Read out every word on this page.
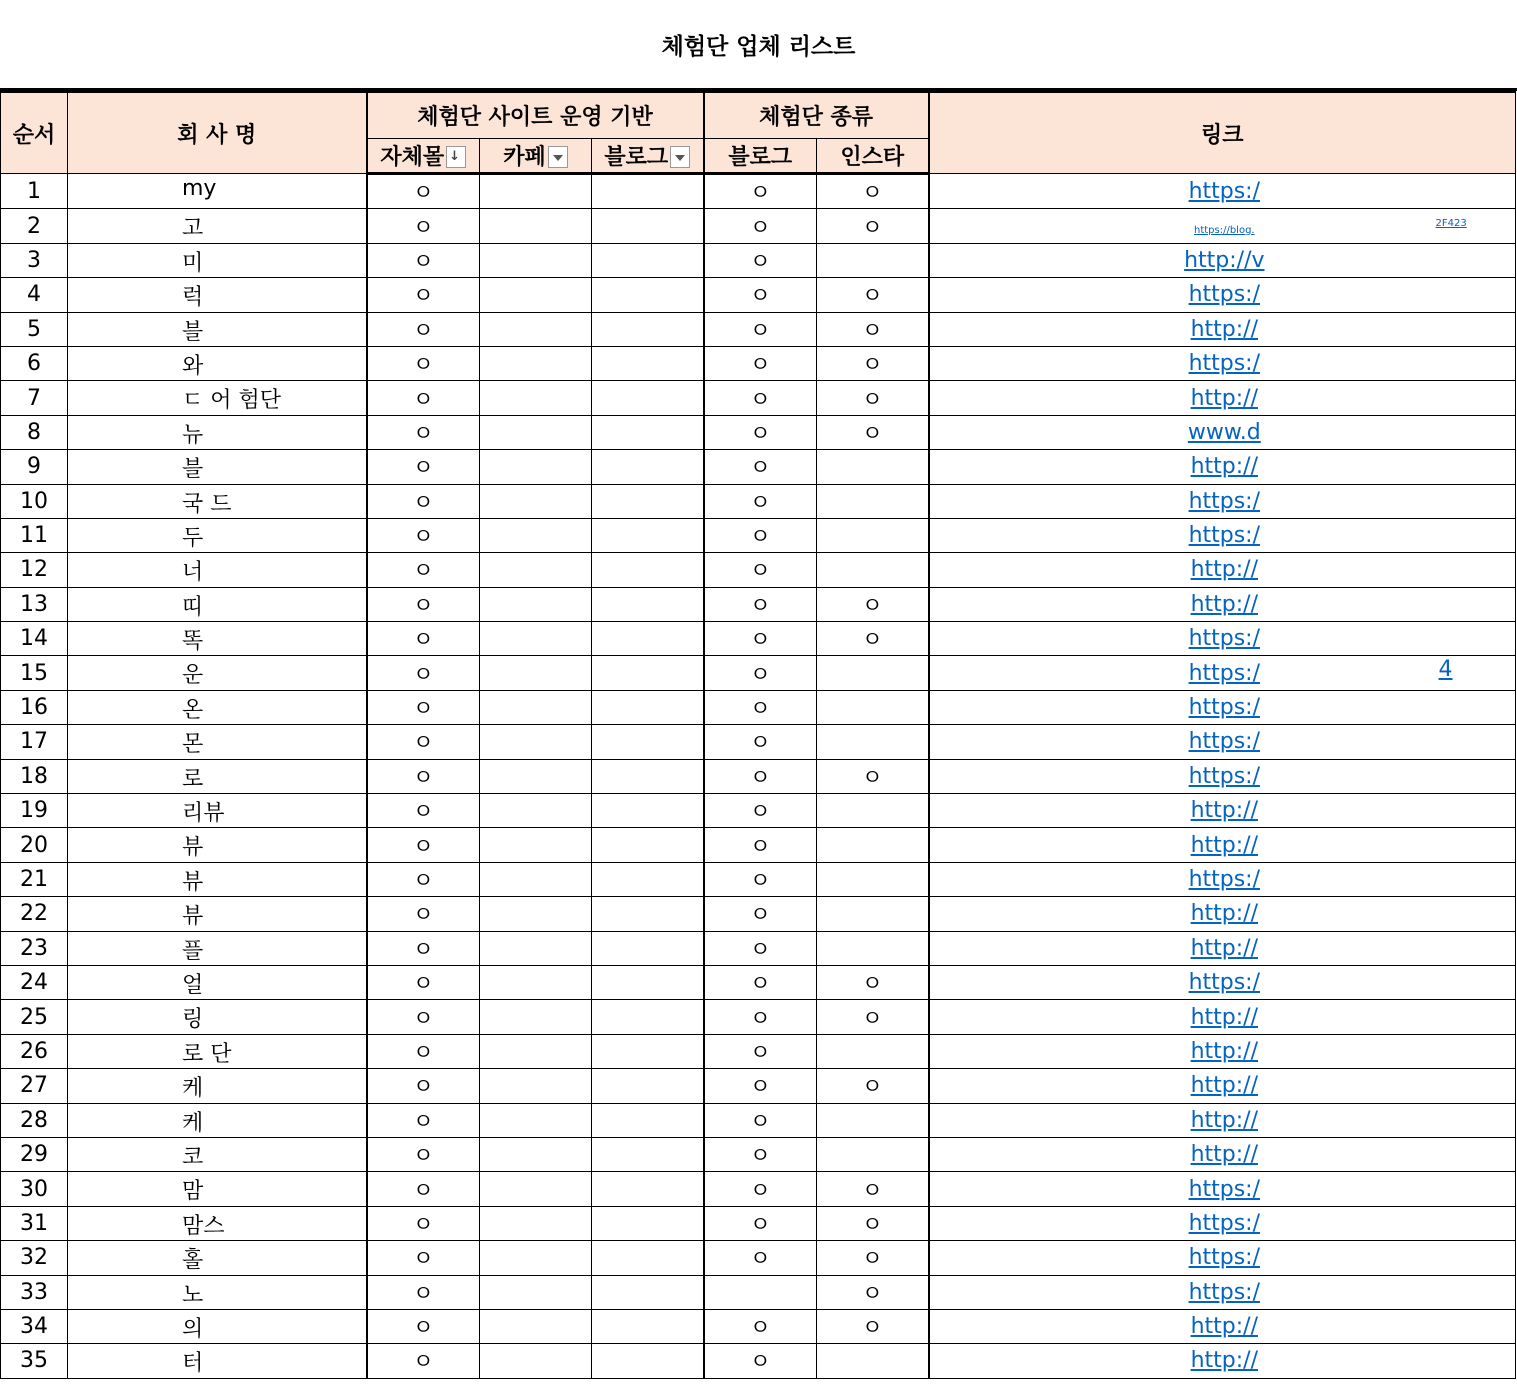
체험단 업체 리스트
순서	회 사 명	체험단 사이트 운영 기반			체험단 종류		링크
		자체몰 ↓	카페	블로그	블로그	인스타	
1	my	ㅇ			ㅇ	ㅇ	https:/
2	고	ㅇ			ㅇ	ㅇ	https://blog.
2F423

3	미	ㅇ			ㅇ		http://v
4	럭	ㅇ			ㅇ	ㅇ	https:/
5	블	ㅇ			ㅇ	ㅇ	http://
6	와	ㅇ			ㅇ	ㅇ	https:/
7	ㄷ 어 험단	ㅇ			ㅇ	ㅇ	http://
8	뉴	ㅇ			ㅇ	ㅇ	www.d
9	블	ㅇ			ㅇ		http://
10	국 드	ㅇ			ㅇ		https:/
11	두	ㅇ			ㅇ		https:/
12	너	ㅇ			ㅇ		http://
13	띠	ㅇ			ㅇ	ㅇ	http://
14	똑	ㅇ			ㅇ	ㅇ	https:/
15	운	ㅇ			ㅇ		https:/ 4

16	온	ㅇ			ㅇ		https:/
17	몬	ㅇ			ㅇ		https:/
18	로	ㅇ			ㅇ	ㅇ	https:/
19	리뷰	ㅇ			ㅇ		http://
20	뷰	ㅇ			ㅇ		http://
21	뷰	ㅇ			ㅇ		https:/
22	뷰	ㅇ			ㅇ		http://
23	플	ㅇ			ㅇ		http://
24	얼	ㅇ			ㅇ	ㅇ	https:/
25	링	ㅇ			ㅇ	ㅇ	http://
26	로 단	ㅇ			ㅇ		http://
27	케	ㅇ			ㅇ	ㅇ	http://
28	케	ㅇ			ㅇ		http://
29	코	ㅇ			ㅇ		http://
30	맘	ㅇ			ㅇ	ㅇ	https:/
31	맘스	ㅇ			ㅇ	ㅇ	https:/
32	홀	ㅇ			ㅇ	ㅇ	https:/
33	노	ㅇ				ㅇ	https:/
34	의	ㅇ			ㅇ	ㅇ	http://
35	터	ㅇ			ㅇ		http://
